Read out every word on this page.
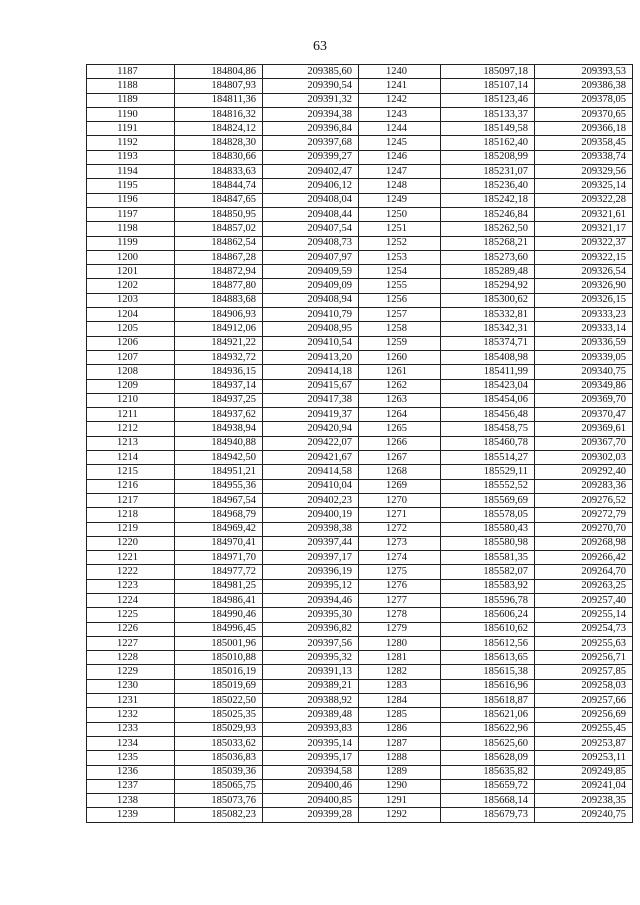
63
1187	184804,86	209385,60	1240	185097,18	209393,53
1188	184807,93	209390,54	1241	185107,14	209386,38
1189	184811,36	209391,32	1242	185123,46	209378,05
1190	184816,32	209394,38	1243	185133,37	209370,65
1191	184824,12	209396,84	1244	185149,58	209366,18
1192	184828,30	209397,68	1245	185162,40	209358,45
1193	184830,66	209399,27	1246	185208,99	209338,74
1194	184833,63	209402,47	1247	185231,07	209329,56
1195	184844,74	209406,12	1248	185236,40	209325,14
1196	184847,65	209408,04	1249	185242,18	209322,28
1197	184850,95	209408,44	1250	185246,84	209321,61
1198	184857,02	209407,54	1251	185262,50	209321,17
1199	184862,54	209408,73	1252	185268,21	209322,37
1200	184867,28	209407,97	1253	185273,60	209322,15
1201	184872,94	209409,59	1254	185289,48	209326,54
1202	184877,80	209409,09	1255	185294,92	209326,90
1203	184883,68	209408,94	1256	185300,62	209326,15
1204	184906,93	209410,79	1257	185332,81	209333,23
1205	184912,06	209408,95	1258	185342,31	209333,14
1206	184921,22	209410,54	1259	185374,71	209336,59
1207	184932,72	209413,20	1260	185408,98	209339,05
1208	184936,15	209414,18	1261	185411,99	209340,75
1209	184937,14	209415,67	1262	185423,04	209349,86
1210	184937,25	209417,38	1263	185454,06	209369,70
1211	184937,62	209419,37	1264	185456,48	209370,47
1212	184938,94	209420,94	1265	185458,75	209369,61
1213	184940,88	209422,07	1266	185460,78	209367,70
1214	184942,50	209421,67	1267	185514,27	209302,03
1215	184951,21	209414,58	1268	185529,11	209292,40
1216	184955,36	209410,04	1269	185552,52	209283,36
1217	184967,54	209402,23	1270	185569,69	209276,52
1218	184968,79	209400,19	1271	185578,05	209272,79
1219	184969,42	209398,38	1272	185580,43	209270,70
1220	184970,41	209397,44	1273	185580,98	209268,98
1221	184971,70	209397,17	1274	185581,35	209266,42
1222	184977,72	209396,19	1275	185582,07	209264,70
1223	184981,25	209395,12	1276	185583,92	209263,25
1224	184986,41	209394,46	1277	185596,78	209257,40
1225	184990,46	209395,30	1278	185606,24	209255,14
1226	184996,45	209396,82	1279	185610,62	209254,73
1227	185001,96	209397,56	1280	185612,56	209255,63
1228	185010,88	209395,32	1281	185613,65	209256,71
1229	185016,19	209391,13	1282	185615,38	209257,85
1230	185019,69	209389,21	1283	185616,96	209258,03
1231	185022,50	209388,92	1284	185618,87	209257,66
1232	185025,35	209389,48	1285	185621,06	209256,69
1233	185029,93	209393,83	1286	185622,96	209255,45
1234	185033,62	209395,14	1287	185625,60	209253,87
1235	185036,83	209395,17	1288	185628,09	209253,11
1236	185039,36	209394,58	1289	185635,82	209249,85
1237	185065,75	209400,46	1290	185659,72	209241,04
1238	185073,76	209400,85	1291	185668,14	209238,35
1239	185082,23	209399,28	1292	185679,73	209240,75
